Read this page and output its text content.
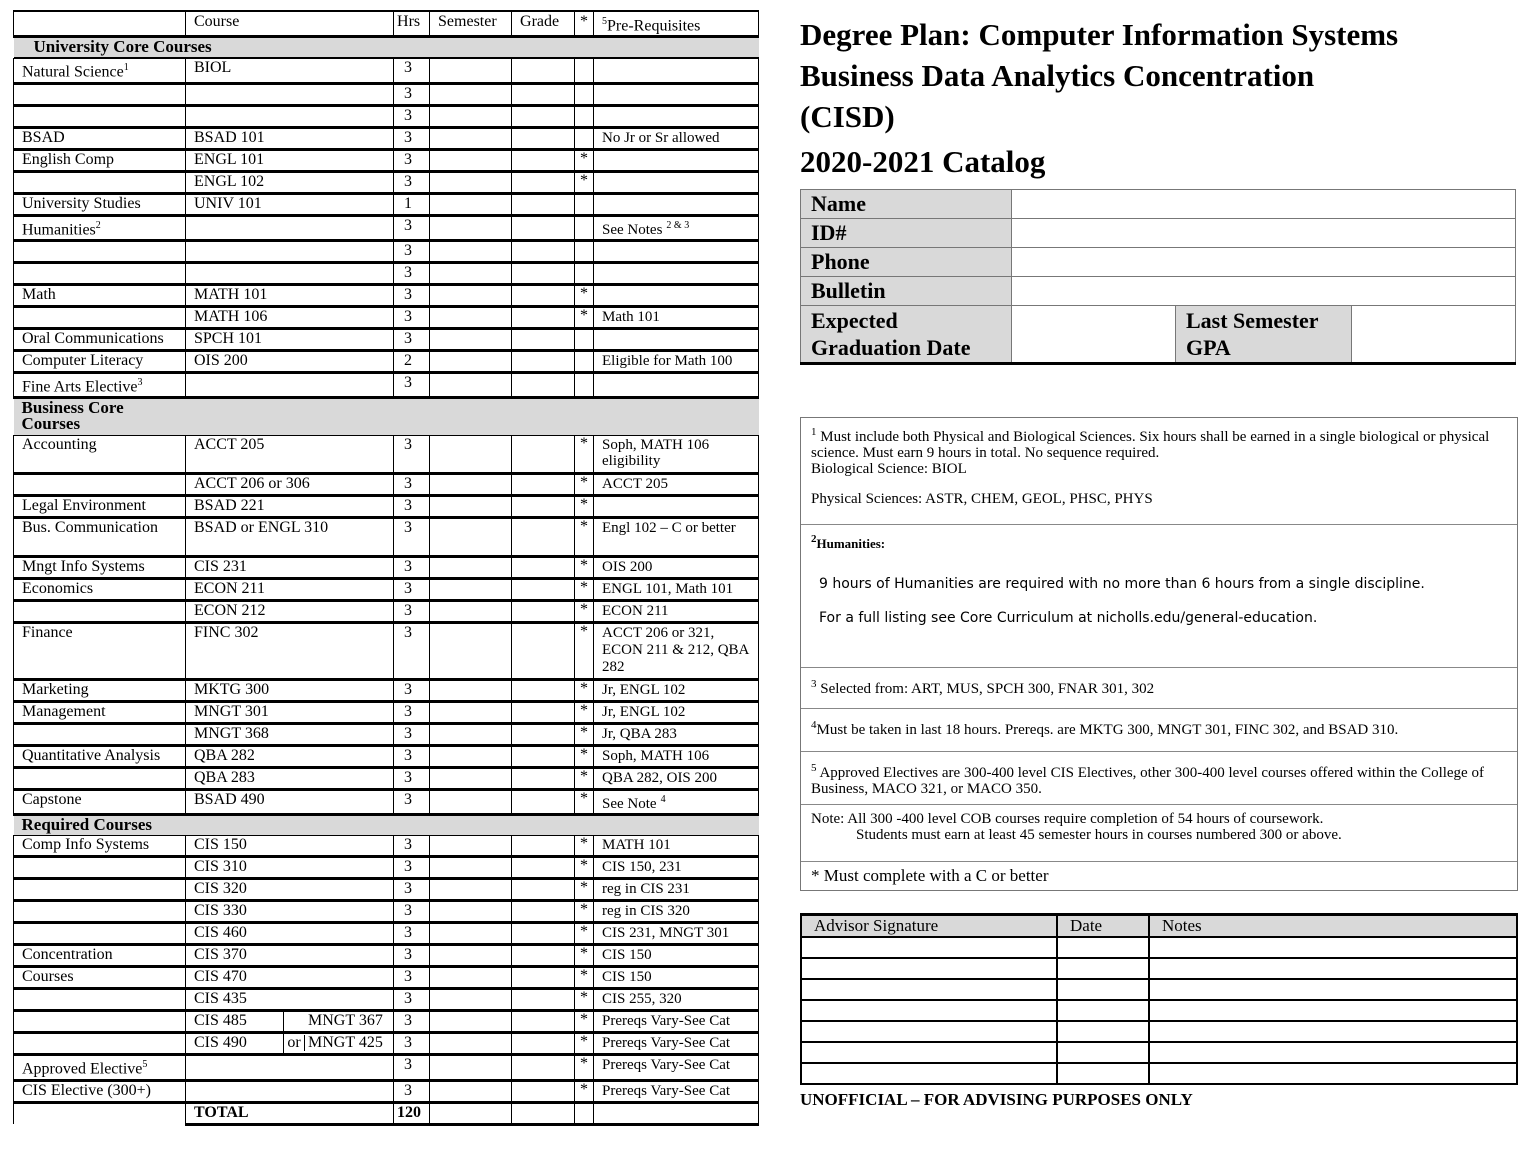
	Course	Hrs	Semester	Grade	*	$^5$Pre-Requisites
University Core Courses
Natural Science$^1$	BIOL		3				
			3				
			3				
BSAD	BSAD 101		3				No Jr or Sr allowed
English Comp	ENGL 101		3			*	
	ENGL 102		3			*	
University Studies	UNIV 101		1				
Humanities$^2$			3				See Notes $^{2 \& 3}$
			3				
			3				
Math	MATH 101		3			*	
	MATH 106		3			*	Math 101
Oral Communications	SPCH 101		3				
Computer Literacy	OIS 200		2				Eligible for Math 100
Fine Arts Elective$^3$			3				

Business Core Courses							

Accounting	ACCT 205		3			*	Soph, MATH 106 eligibility
	ACCT 206 or 306		3			*	ACCT 205
Legal Environment	BSAD 221		3			*	
Bus. Communication	BSAD or ENGL 310		3			*	Engl 102 – C or better
Mngt Info Systems	CIS 231		3			*	OIS 200
Economics	ECON 211		3			*	ENGL 101, Math 101
	ECON 212		3			*	ECON 211
Finance	FINC 302		3			*	ACCT 206 or 321, ECON 211 & 212, QBA 282
Marketing	MKTG 300		3			*	Jr, ENGL 102
Management	MNGT 301		3			*	Jr, ENGL 102
	MNGT 368		3			*	Jr, QBA 283
Quantitative Analysis	QBA 282		3			*	Soph, MATH 106
	QBA 283		3			*	QBA 282, OIS 200
Capstone	BSAD 490		3			*	See Note $^4$
Required Courses							
Comp Info Systems	CIS 150		3			*	MATH 101
	CIS 310		3			*	CIS 150, 231
	CIS 320		3			*	reg in CIS 231
	CIS 330		3			*	reg in CIS 320
	CIS 460		3			*	CIS 231, MNGT 301
Concentration	CIS 370		3			*	CIS 150
Courses	CIS 470		3			*	CIS 150
	CIS 435		3			*	CIS 255, 320
	CIS 485	MNGT 367	3			*	Prereqs Vary-See Cat
	CIS 490	or MNGT 425	3			*	Prereqs Vary-See Cat
Approved Elective$^5$			3			*	Prereqs Vary-See Cat
CIS Elective (300+)			3			*	Prereqs Vary-See Cat
	TOTAL		120				
Degree Plan: Computer Information Systems
Business Data Analytics Concentration
(CISD)
2020-2021 Catalog
Name			
ID#			
Phone			
Bulletin			
Expected Graduation Date		Last Semester GPA	
$^1$ Must include both Physical and Biological Sciences. Six hours shall be earned in a single biological or physical science. Must earn 9 hours in total. No sequence required.
Biological Science: BIOL
Physical Sciences: ASTR, CHEM, GEOL, PHSC, PHYS
$^2$Humanities:
9 hours of Humanities are required with no more than 6 hours from a single discipline.
For a full listing see Core Curriculum at nicholls.edu/general-education.
$^3$ Selected from: ART, MUS, SPCH 300, FNAR 301, 302
$^4$Must be taken in last 18 hours. Prereqs. are MKTG 300, MNGT 301, FINC 302, and BSAD 310.
$^5$ Approved Electives are 300-400 level CIS Electives, other 300-400 level courses offered within the College of Business, MACO 321, or MACO 350.
Note: All 300 -400 level COB courses require completion of 54 hours of coursework.
Students must earn at least 45 semester hours in courses numbered 300 or above.
* Must complete with a C or better
Advisor Signature	Date	Notes

UNOFFICIAL – FOR ADVISING PURPOSES ONLY
